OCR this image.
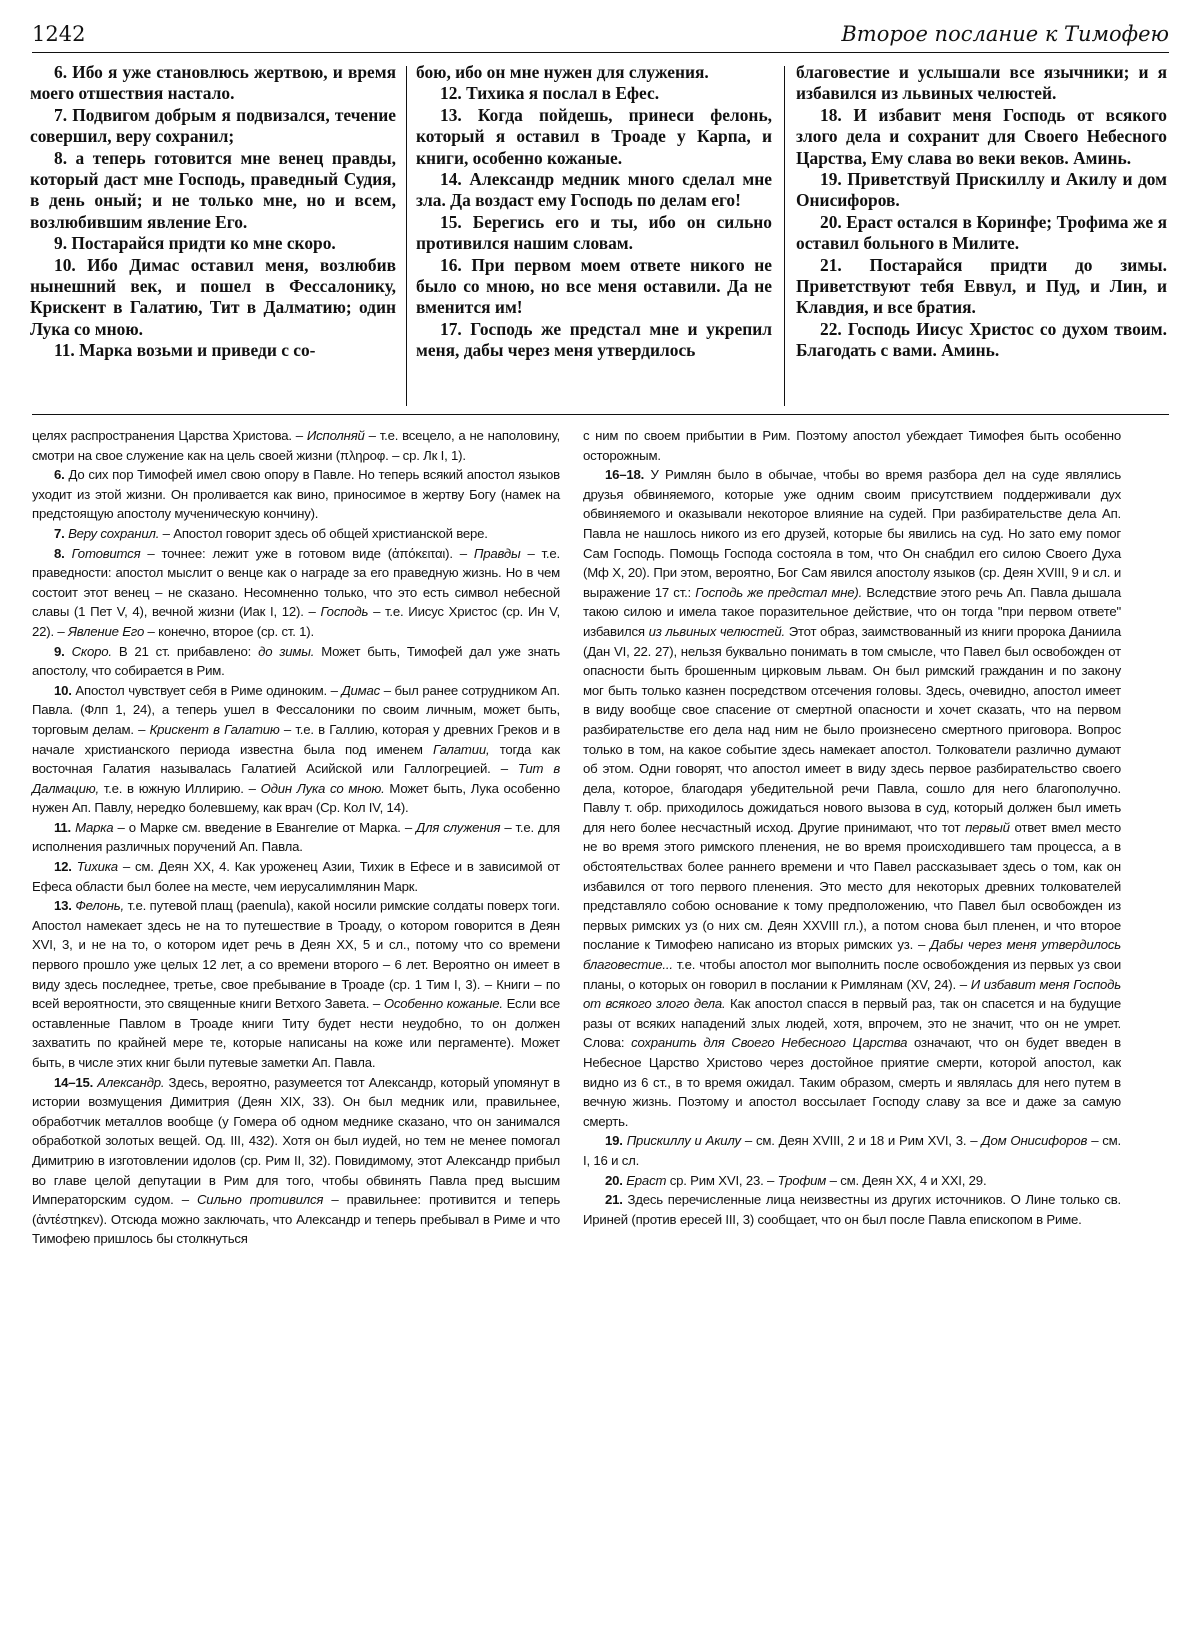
1242	Второе послание к Тимофею

6. Ибо я уже становлюсь жертвою, и время моего отшествия настало.

7. Подвигом добрым я подвизался, течение совершил, веру сохранил;

8. а теперь готовится мне венец правды, который даст мне Господь, праведный Судия, в день оный; и не только мне, но и всем, возлюбившим явление Его.

9. Постарайся придти ко мне скоро.

10. Ибо Димас оставил меня, возлюбив нынешний век, и пошел в Фессалонику, Крискент в Галатию, Тит в Далматию; один Лука со мною.

11. Марка возьми и приведи с со-

бою, ибо он мне нужен для служения.

12. Тихика я послал в Ефес.

13. Когда пойдешь, принеси фелонь, который я оставил в Троаде у Карпа, и книги, особенно кожаные.

14. Александр медник много сделал мне зла. Да воздаст ему Господь по делам его!

15. Берегись его и ты, ибо он сильно противился нашим словам.

16. При первом моем ответе никого не было со мною, но все меня оставили. Да не вменится им!

17. Господь же предстал мне и укрепил меня, дабы через меня утвердилось

благовестие и услышали все язычники; и я избавился из львиных челюстей.

18. И избавит меня Господь от всякого злого дела и сохранит для Своего Небесного Царства, Ему слава во веки веков. Аминь.

19. Приветствуй Прискиллу и Акилу и дом Онисифоров.

20. Ераст остался в Коринфе; Трофима же я оставил больного в Милите.

21. Постарайся придти до зимы. Приветствуют тебя Еввул, и Пуд, и Лин, и Клавдия, и все братия.

22. Господь Иисус Христос со духом твоим. Благодать с вами. Аминь.

целях распространения Царства Христова. – Исполняй – т.е. всецело, а не наполовину, смотри на свое служение как на цель своей жизни (πληροφ. – ср. Лк I, 1).

6. До сих пор Тимофей имел свою опору в Павле. Но теперь всякий апостол языков уходит из этой жизни. Он проливается как вино, приносимое в жертву Богу (намек на предстоящую апостолу мученическую кончину).

7. Веру сохранил. – Апостол говорит здесь об общей христианской вере.

8. Готовится – точнее: лежит уже в готовом виде (ἀπόκειται). – Правды – т.е. праведности: апостол мыслит о венце как о награде за его праведную жизнь. Но в чем состоит этот венец – не сказано. Несомненно только, что это есть символ небесной славы (1 Пет V, 4), вечной жизни (Иак I, 12). – Господь – т.е. Иисус Христос (ср. Ин V, 22). – Явление Его – конечно, второе (ср. ст. 1).

9. Скоро. В 21 ст. прибавлено: до зимы. Может быть, Тимофей дал уже знать апостолу, что собирается в Рим.

10. Апостол чувствует себя в Риме одиноким. – Димас – был ранее сотрудником Ап. Павла. (Флп 1, 24), а теперь ушел в Фессалоники по своим личным, может быть, торговым делам. – Крискент в Галатию – т.е. в Галлию, которая у древних Греков и в начале христианского периода известна была под именем Галатии, тогда как восточная Галатия называлась Галатией Асийской или Галлогрецией. – Тит в Далмацию, т.е. в южную Иллирию. – Один Лука со мною. Может быть, Лука особенно нужен Ап. Павлу, нередко болевшему, как врач (Ср. Кол IV, 14).

11. Марка – о Марке см. введение в Евангелие от Марка. – Для служения – т.е. для исполнения различных поручений Ап. Павла.

12. Тихика – см. Деян XX, 4. Как уроженец Азии, Тихик в Ефесе и в зависимой от Ефеса области был более на месте, чем иерусалимлянин Марк.

13. Фелонь, т.е. путевой плащ (paenula), какой носили римские солдаты поверх тоги. Апостол намекает здесь не на то путешествие в Троаду, о котором говорится в Деян XVI, 3, и не на то, о котором идет речь в Деян XX, 5 и сл., потому что со времени первого прошло уже целых 12 лет, а со времени второго – 6 лет. Вероятно он имеет в виду здесь последнее, третье, свое пребывание в Троаде (ср. 1 Тим I, 3). – Книги – по всей вероятности, это священные книги Ветхого Завета. – Особенно кожаные. Если все оставленные Павлом в Троаде книги Титу будет нести неудобно, то он должен захватить по крайней мере те, которые написаны на коже или пергаменте). Может быть, в числе этих книг были путевые заметки Ап. Павла.

14–15. Александр. Здесь, вероятно, разумеется тот Александр, который упомянут в истории возмущения Димитрия (Деян XIX, 33). Он был медник или, правильнее, обработчик металлов вообще (у Гомера об одном меднике сказано, что он занимался обработкой золотых вещей. Од. III, 432). Хотя он был иудей, но тем не менее помогал Димитрию в изготовлении идолов (ср. Рим II, 32). Повидимому, этот Александр прибыл во главе целой депутации в Рим для того, чтобы обвинять Павла пред высшим Императорским судом. – Сильно противился – правильнее: противится и теперь (ἀντέστηκεν). Отсюда можно заключать, что Александр и теперь пребывал в Риме и что Тимофею пришлось бы столкнуться

с ним по своем прибытии в Рим. Поэтому апостол убеждает Тимофея быть особенно осторожным.

16–18. У Римлян было в обычае, чтобы во время разбора дел на суде являлись друзья обвиняемого, которые уже одним своим присутствием поддерживали дух обвиняемого и оказывали некоторое влияние на судей. При разбирательстве дела Ап. Павла не нашлось никого из его друзей, которые бы явились на суд. Но зато ему помог Сам Господь. Помощь Господа состояла в том, что Он снабдил его силою Своего Духа (Мф X, 20). При этом, вероятно, Бог Сам явился апостолу языков (ср. Деян XVIII, 9 и сл. и выражение 17 ст.: Господь же предстал мне). Вследствие этого речь Ап. Павла дышала такою силою и имела такое поразительное действие, что он тогда "при первом ответе" избавился из львиных челюстей. Этот образ, заимствованный из книги пророка Даниила (Дан VI, 22. 27), нельзя буквально понимать в том смысле, что Павел был освобожден от опасности быть брошенным цирковым львам. Он был римский гражданин и по закону мог быть только казнен посредством отсечения головы. Здесь, очевидно, апостол имеет в виду вообще свое спасение от смертной опасности и хочет сказать, что на первом разбирательстве его дела над ним не было произнесено смертного приговора. Вопрос только в том, на какое событие здесь намекает апостол. Толкователи различно думают об этом. Одни говорят, что апостол имеет в виду здесь первое разбирательство своего дела, которое, благодаря убедительной речи Павла, сошло для него благополучно. Павлу т. обр. приходилось дожидаться нового вызова в суд, который должен был иметь для него более несчастный исход. Другие принимают, что тот первый ответ вмел место не во время этого римского пленения, не во время происходившего там процесса, а в обстоятельствах более раннего времени и что Павел рассказывает здесь о том, как он избавился от того первого пленения. Это место для некоторых древних толкователей представляло собою основание к тому предположению, что Павел был освобожден из первых римских уз (о них см. Деян XXVIII гл.), а потом снова был пленен, и что второе послание к Тимофею написано из вторых римских уз. – Дабы через меня утвердилось благовестие... т.е. чтобы апостол мог выполнить после освобождения из первых уз свои планы, о которых он говорил в послании к Римлянам (XV, 24). – И избавит меня Господь от всякого злого дела. Как апостол спасся в первый раз, так он спасется и на будущие разы от всяких нападений злых людей, хотя, впрочем, это не значит, что он не умрет. Слова: сохранить для Своего Небесного Царства означают, что он будет введен в Небесное Царство Христово через достойное приятие смерти, которой апостол, как видно из 6 ст., в то время ожидал. Таким образом, смерть и являлась для него путем в вечную жизнь. Поэтому и апостол воссылает Господу славу за все и даже за самую смерть.

19. Прискиллу и Акилу – см. Деян XVIII, 2 и 18 и Рим XVI, 3. – Дом Онисифоров – см. I, 16 и сл.

20. Ераст ср. Рим XVI, 23. – Трофим – см. Деян XX, 4 и XXI, 29.

21. Здесь перечисленные лица неизвестны из других источников. О Лине только св. Ириней (против ересей III, 3) сообщает, что он был после Павла епископом в Риме.
